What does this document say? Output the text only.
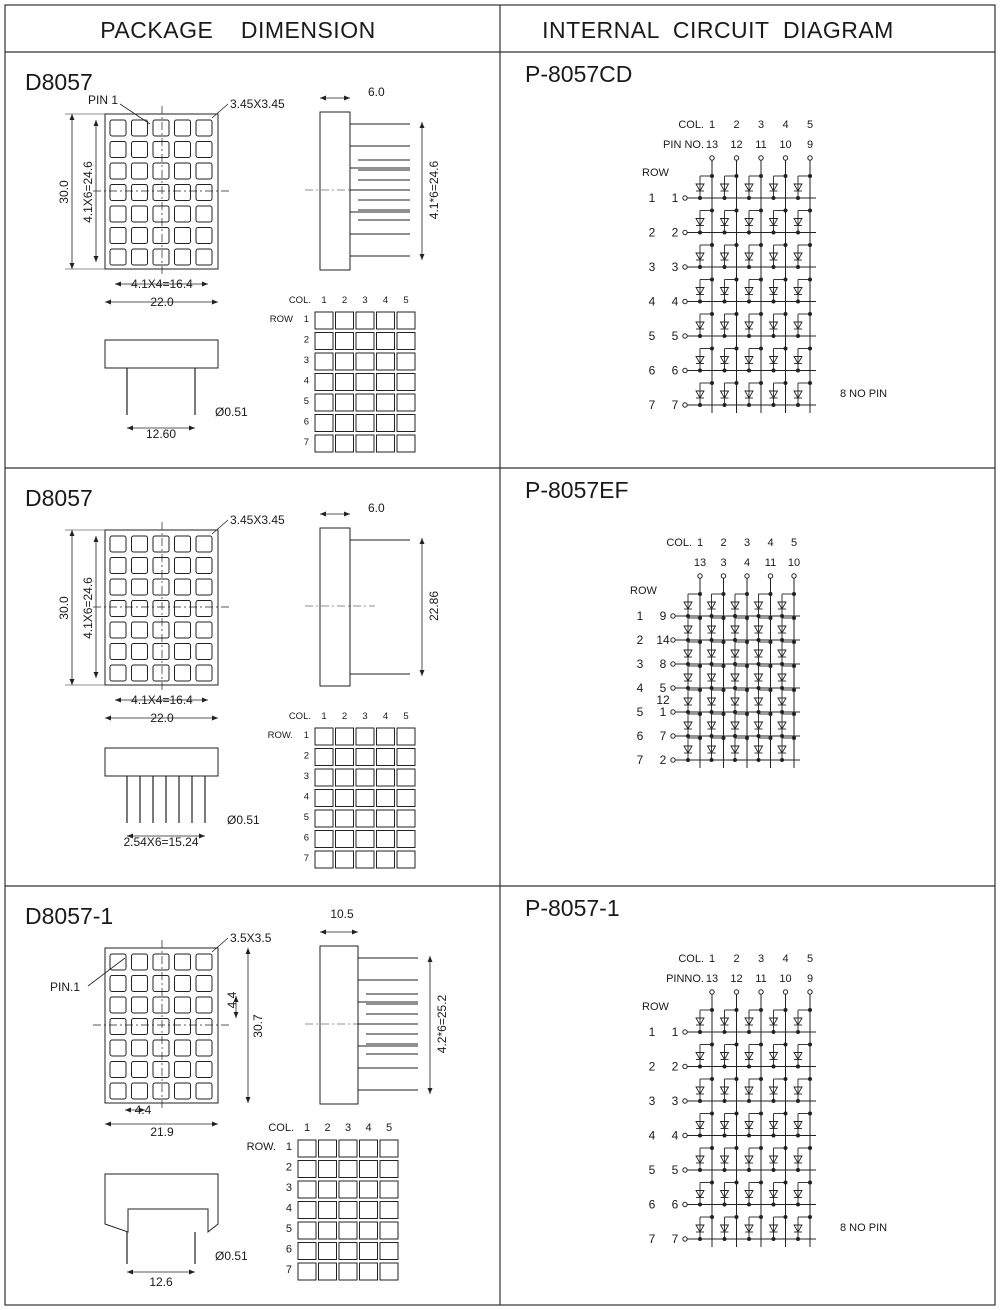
PACKAGE    DIMENSION	INTERNAL  CIRCUIT  DIAGRAM
D8057	P-8057CD
PIN 1	3.45X3.45
30.0 4.1X6=24.6
4.1X4=16.4
22.0
4.1*6=24.6
6.0
12.60
Ø0.51
COL. 1 2 3 4 5
ROW 1
2
3
4
5
6
7
COL. 1 2 3 4 5
PIN NO. 13 12 11 10 9
ROW
1 1
2 2
3 3
4 4
5 5
6 6
7 7
8 NO PIN
D8057	P-8057EF
3.45X3.45
30.0 4.1X6=24.6
4.1X4=16.4
22.0
22.86
6.0
2.54X6=15.24
Ø0.51
COL. 1 2 3 4 5
ROW. 1
2
3
4
5
6
7
COL. 1 2 3 4 5
13 3 4 11 10
ROW
1 9
2 14
3 8
4 5 12
5 1
6 7
7 2
D8057-1	P-8057-1
PIN.1
3.5X3.5
30.7
4.4
4.4
21.9
4.2*6=25.2
10.5
12.6
Ø0.51
COL. 1 2 3 4 5
ROW. 1
2
3
4
5
6
7
COL. 1 2 3 4 5
PINNO. 13 12 11 10 9
ROW
1 1
2 2
3 3
4 4
5 5
6 6
7 7
8 NO PIN
